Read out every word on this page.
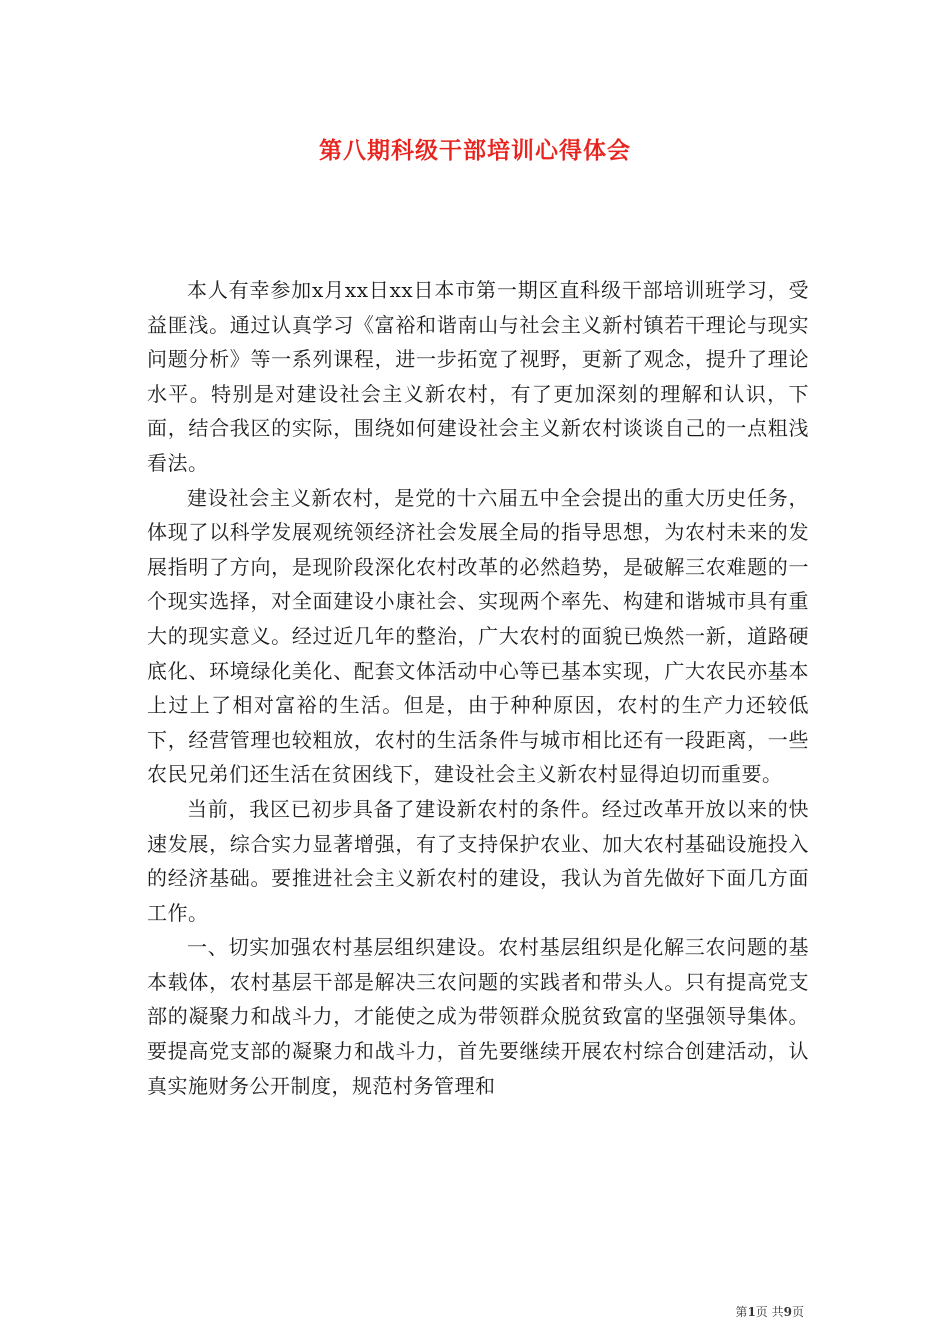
第八期科级干部培训心得体会

本人有幸参加x月xx日xx日本市第一期区直科级干部培训班学习，受益匪浅。通过认真学习《富裕和谐南山与社会主义新村镇若干理论与现实问题分析》等一系列课程，进一步拓宽了视野，更新了观念，提升了理论水平。特别是对建设社会主义新农村，有了更加深刻的理解和认识，下面，结合我区的实际，围绕如何建设社会主义新农村谈谈自己的一点粗浅看法。

建设社会主义新农村，是党的十六届五中全会提出的重大历史任务，体现了以科学发展观统领经济社会发展全局的指导思想，为农村未来的发展指明了方向，是现阶段深化农村改革的必然趋势，是破解三农难题的一个现实选择，对全面建设小康社会、实现两个率先、构建和谐城市具有重大的现实意义。经过近几年的整治，广大农村的面貌已焕然一新，道路硬底化、环境绿化美化、配套文体活动中心等已基本实现，广大农民亦基本上过上了相对富裕的生活。但是，由于种种原因，农村的生产力还较低下，经营管理也较粗放，农村的生活条件与城市相比还有一段距离，一些农民兄弟们还生活在贫困线下，建设社会主义新农村显得迫切而重要。

当前，我区已初步具备了建设新农村的条件。经过改革开放以来的快速发展，综合实力显著增强，有了支持保护农业、加大农村基础设施投入的经济基础。要推进社会主义新农村的建设，我认为首先做好下面几方面工作。

一、切实加强农村基层组织建设。农村基层组织是化解三农问题的基本载体，农村基层干部是解决三农问题的实践者和带头人。只有提高党支部的凝聚力和战斗力，才能使之成为带领群众脱贫致富的坚强领导集体。要提高党支部的凝聚力和战斗力，首先要继续开展农村综合创建活动，认真实施财务公开制度，规范村务管理和

第1页 共9页
